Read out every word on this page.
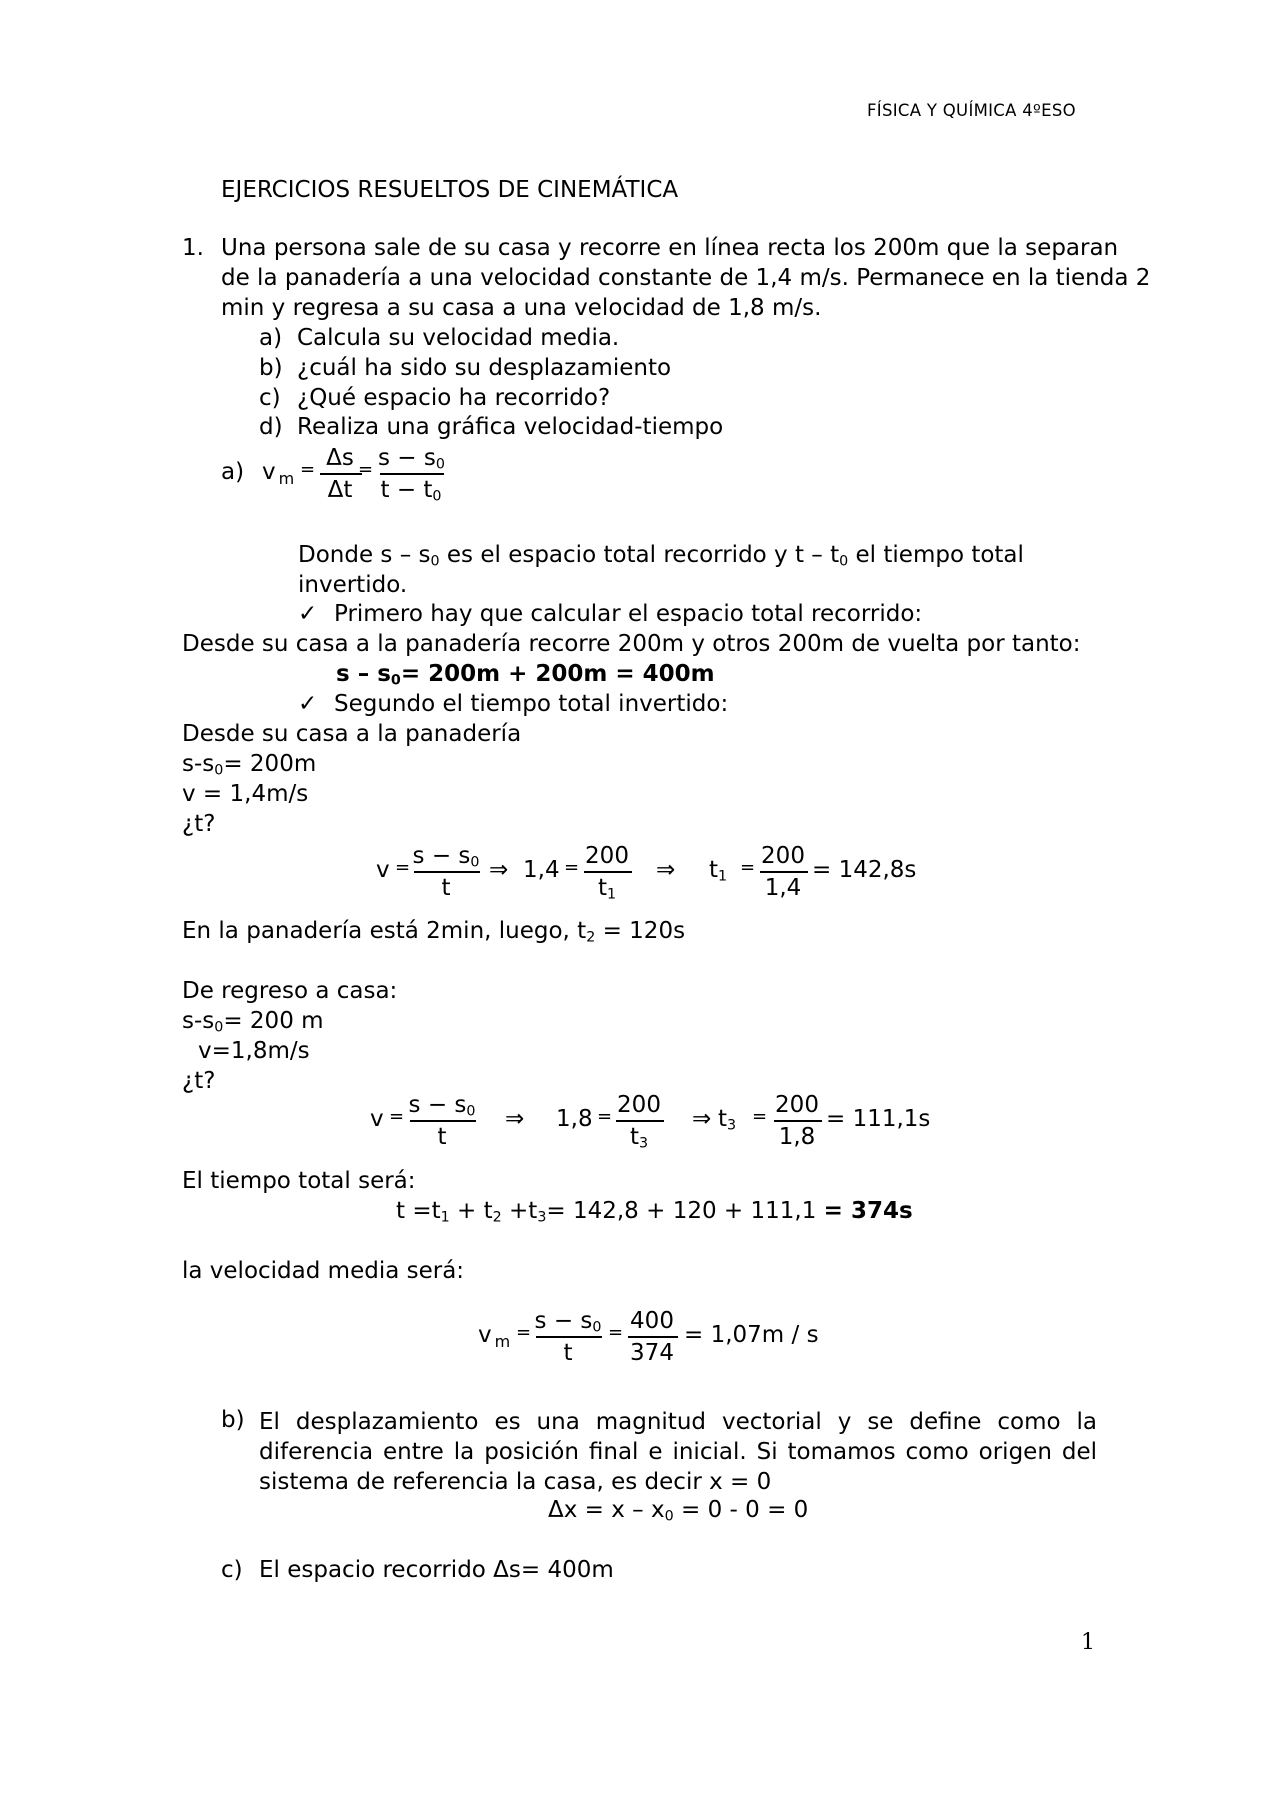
FÍSICA Y QUÍMICA 4ºESO
EJERCICIOS RESUELTOS DE CINEMÁTICA
1. Una persona sale de su casa y recorre en línea recta los 200m que la separan
de la panadería a una velocidad constante de 1,4 m/s. Permanece en la tienda 2
min y regresa a su casa a una velocidad de 1,8 m/s.
a) Calcula su velocidad media.
b) ¿cuál ha sido su desplazamiento
c) ¿Qué espacio ha recorrido?
d) Realiza una gráfica velocidad-tiempo
a) v $_m$ = Δs
Δt
= $s - s_0$
$t - t_0$
Donde s – $s_0$ es el espacio total recorrido y t – $t_0$ el tiempo total
invertido.
✓ Primero hay que calcular el espacio total recorrido:
Desde su casa a la panadería recorre 200m y otros 200m de vuelta por tanto:
$s - s_0= 200m + 200m = 400m$
✓ Segundo el tiempo total invertido:
Desde su casa a la panadería
$s-s_0= 200m$
v = 1,4m/s
¿t?
$v = s - s_0$
t
⇒ 1,4 = 200
$t_1$
⇒ $t_1 = 200$
1,4
= 142,8s
En la panadería está 2min, luego, $t_2 = 120s$
De regreso a casa:
$s-s_0= 200$ m
v=1,8m/s
¿t?
$v = s - s_0$
t
⇒ 1,8 = 200
$t_3$
⇒ $t_3 = 200$
1,8
= 111,1s
El tiempo total será:
$t =t_1 + t_2 +t_3= 142,8 + 120 + 111,1 = 374s$
la velocidad media será:
v $_m = s - s_0$
t
= 400
374
= 1,07m / s
b) El desplazamiento es una magnitud vectorial y se define como la diferencia entre la posición final e inicial. Si tomamos como origen del sistema de referencia la casa, es decir x = 0
$\Delta x = x - x_0 = 0 - 0 = 0$
c) El espacio recorrido Δs= 400m
1
